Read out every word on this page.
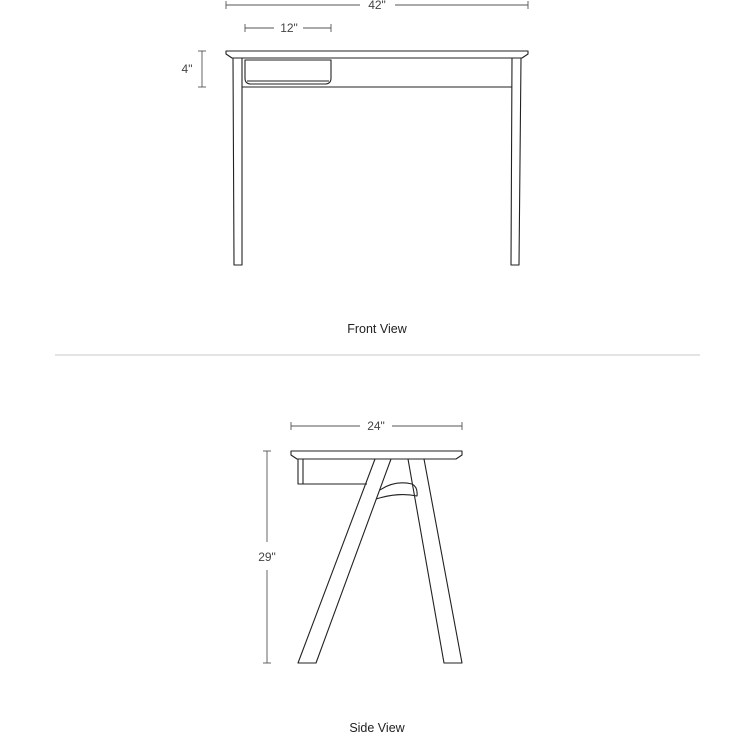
42"
12"
4"
Front View
24"
29"
Side View
